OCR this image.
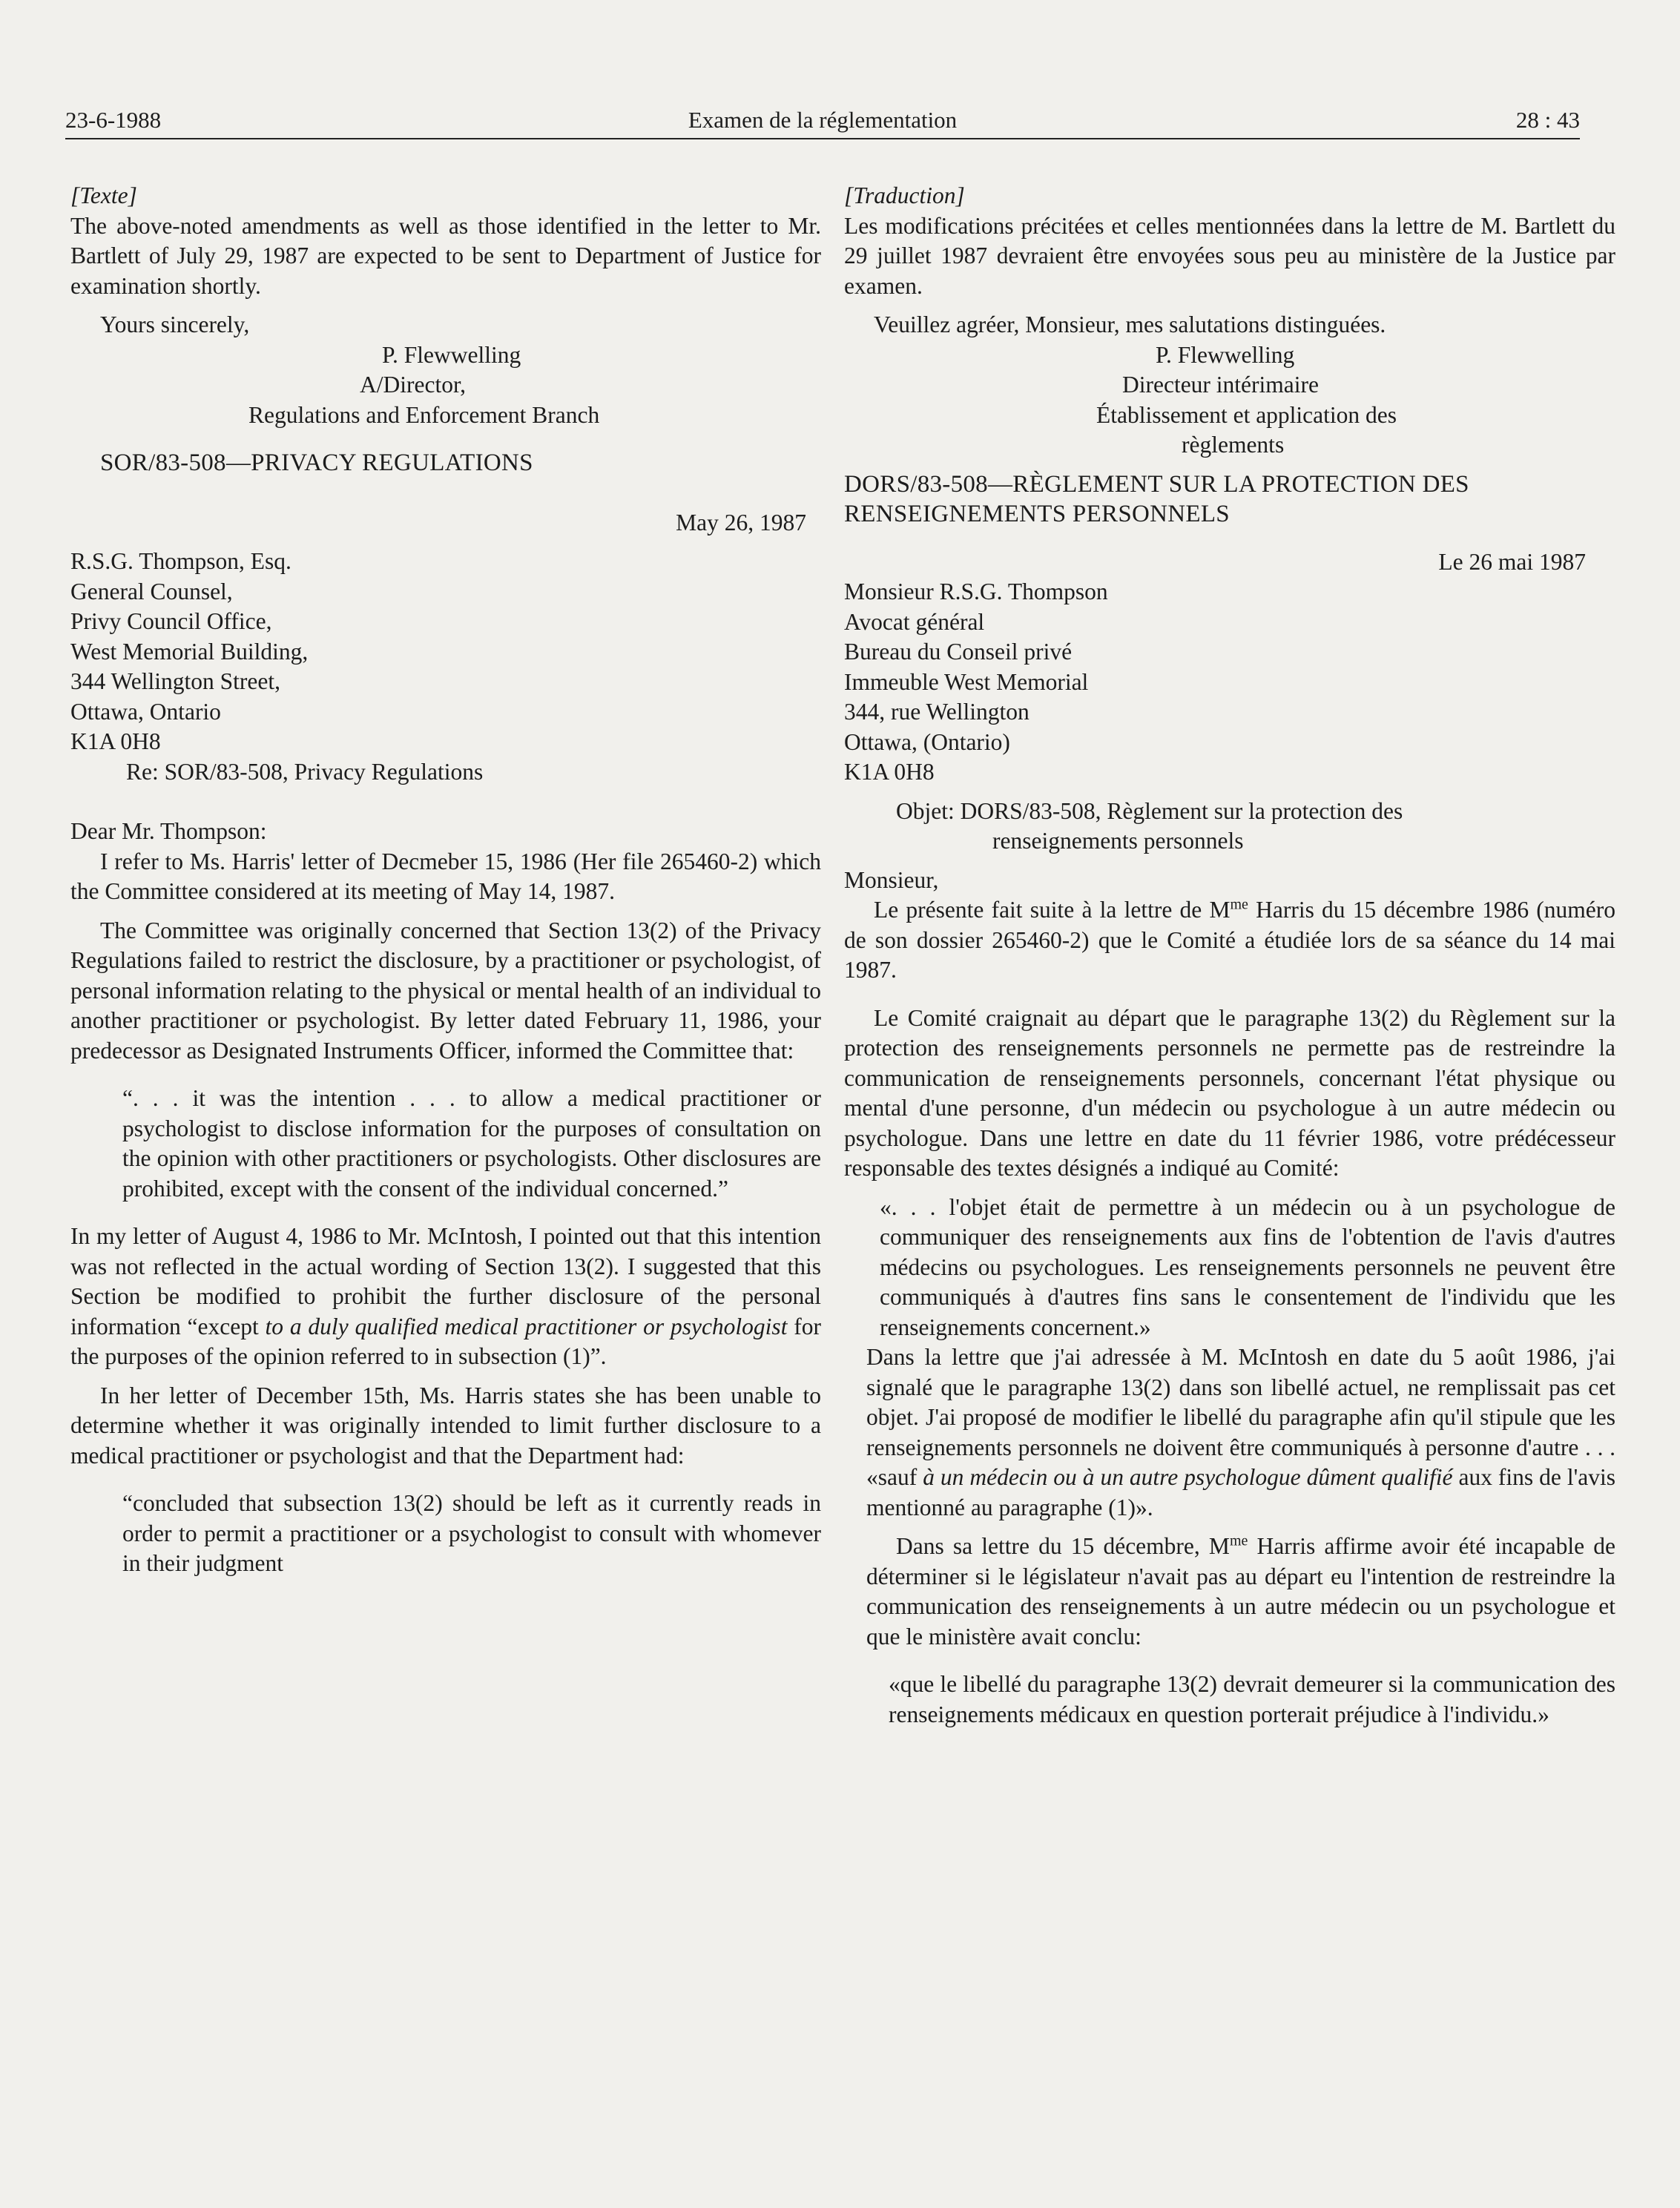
23-6-1988	Examen de la réglementation	28 : 43

[Texte]

The above-noted amendments as well as those identified in the letter to Mr. Bartlett of July 29, 1987 are expected to be sent to Department of Justice for examination shortly.

Yours sincerely,

P. Flewwelling

A/Director,

Regulations and Enforcement Branch

SOR/83-508—PRIVACY REGULATIONS

May 26, 1987

R.S.G. Thompson, Esq.

General Counsel,

Privy Council Office,

West Memorial Building,

344 Wellington Street,

Ottawa, Ontario

K1A 0H8

Re: SOR/83-508, Privacy Regulations

Dear Mr. Thompson:

I refer to Ms. Harris' letter of Decmeber 15, 1986 (Her file 265460-2) which the Committee considered at its meeting of May 14, 1987.

The Committee was originally concerned that Section 13(2) of the Privacy Regulations failed to restrict the disclosure, by a practitioner or psychologist, of personal information relating to the physical or mental health of an individual to another practitioner or psychologist. By letter dated February 11, 1986, your predecessor as Designated Instruments Officer, informed the Committee that:

“. . . it was the intention . . . to allow a medical practitioner or psychologist to disclose information for the purposes of consultation on the opinion with other practitioners or psychologists. Other disclosures are prohibited, except with the consent of the individual concerned.”

In my letter of August 4, 1986 to Mr. McIntosh, I pointed out that this intention was not reflected in the actual wording of Section 13(2). I suggested that this Section be modified to prohibit the further disclosure of the personal information “except to a duly qualified medical practitioner or psychologist for the purposes of the opinion referred to in subsection (1)”.

In her letter of December 15th, Ms. Harris states she has been unable to determine whether it was originally intended to limit further disclosure to a medical practitioner or psychologist and that the Department had:

“concluded that subsection 13(2) should be left as it currently reads in order to permit a practitioner or a psychologist to consult with whomever in their judgment

[Traduction]

Les modifications précitées et celles mentionnées dans la lettre de M. Bartlett du 29 juillet 1987 devraient être envoyées sous peu au ministère de la Justice par examen.

Veuillez agréer, Monsieur, mes salutations distinguées.

P. Flewwelling

Directeur intérimaire

Établissement et application des

règlements

DORS/83-508—RÈGLEMENT SUR LA PROTECTION DES RENSEIGNEMENTS PERSONNELS

Le 26 mai 1987

Monsieur R.S.G. Thompson

Avocat général

Bureau du Conseil privé

Immeuble West Memorial

344, rue Wellington

Ottawa, (Ontario)

K1A 0H8

Objet: DORS/83-508, Règlement sur la protection des

renseignements personnels

Monsieur,

Le présente fait suite à la lettre de $M^{me}$ Harris du 15 décembre 1986 (numéro de son dossier 265460-2) que le Comité a étudiée lors de sa séance du 14 mai 1987.

Le Comité craignait au départ que le paragraphe 13(2) du Règlement sur la protection des renseignements personnels ne permette pas de restreindre la communication de renseignements personnels, concernant l'état physique ou mental d'une personne, d'un médecin ou psychologue à un autre médecin ou psychologue. Dans une lettre en date du 11 février 1986, votre prédécesseur responsable des textes désignés a indiqué au Comité:

«. . . l'objet était de permettre à un médecin ou à un psychologue de communiquer des renseignements aux fins de l'obtention de l'avis d'autres médecins ou psychologues. Les renseignements personnels ne peuvent être communiqués à d'autres fins sans le consentement de l'individu que les renseignements concernent.»

Dans la lettre que j'ai adressée à M. McIntosh en date du 5 août 1986, j'ai signalé que le paragraphe 13(2) dans son libellé actuel, ne remplissait pas cet objet. J'ai proposé de modifier le libellé du paragraphe afin qu'il stipule que les renseignements personnels ne doivent être communiqués à personne d'autre . . . «sauf à un médecin ou à un autre psychologue dûment qualifié aux fins de l'avis mentionné au paragraphe (1)».

Dans sa lettre du 15 décembre, $M^{me}$ Harris affirme avoir été incapable de déterminer si le législateur n'avait pas au départ eu l'intention de restreindre la communication des renseignements à un autre médecin ou un psychologue et que le ministère avait conclu:

«que le libellé du paragraphe 13(2) devrait demeurer si la communication des renseignements médicaux en question porterait préjudice à l'individu.»
